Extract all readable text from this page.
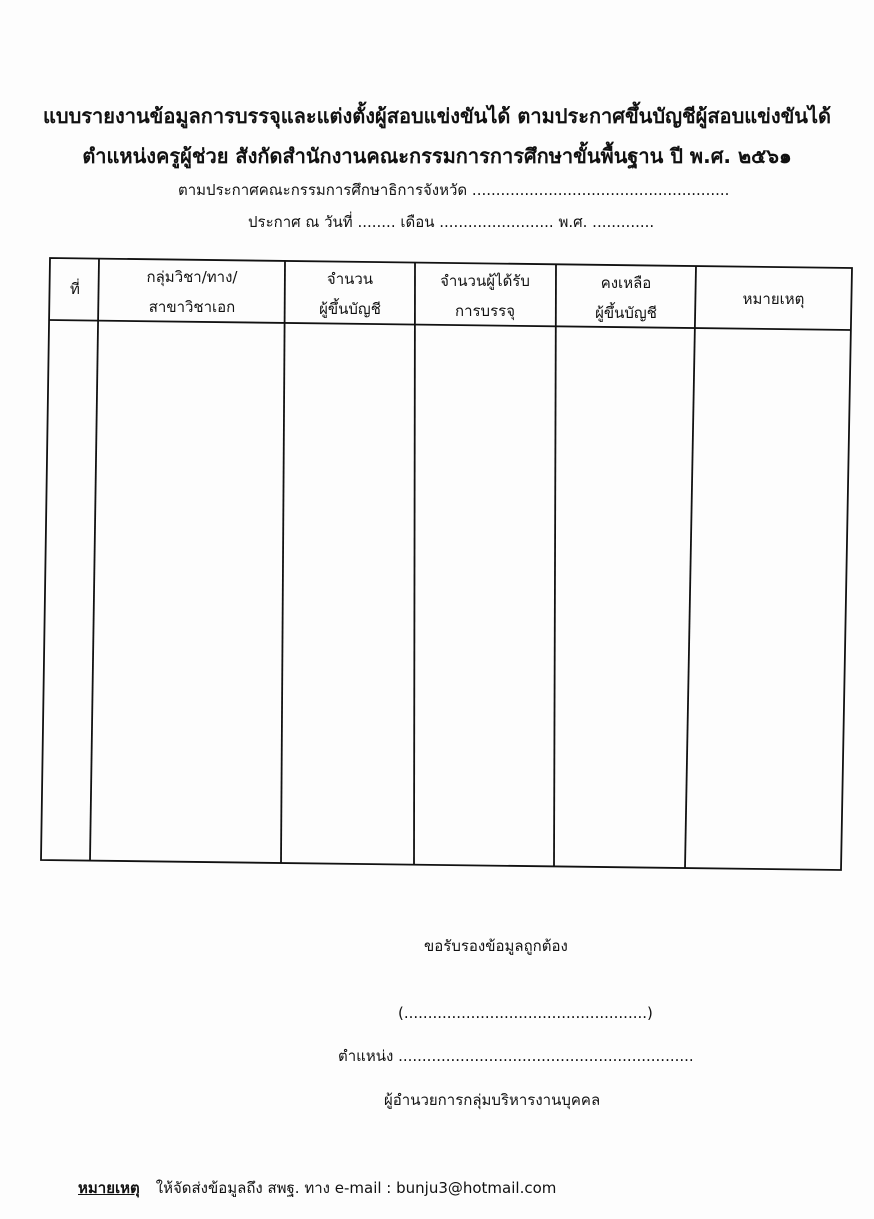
แบบรายงานข้อมูลการบรรจุและแต่งตั้งผู้สอบแข่งขันได้ ตามประกาศขึ้นบัญชีผู้สอบแข่งขันได้
ตำแหน่งครูผู้ช่วย สังกัดสำนักงานคณะกรรมการการศึกษาขั้นพื้นฐาน ปี พ.ศ. ๒๕๖๑
ตามประกาศคณะกรรมการศึกษาธิการจังหวัด ......................................................
ประกาศ ณ วันที่ ........ เดือน ........................ พ.ศ. .............
ที่
กลุ่มวิชา/ทาง/
สาขาวิชาเอก
จำนวน
ผู้ขึ้นบัญชี
จำนวนผู้ได้รับ
การบรรจุ
คงเหลือ
ผู้ขึ้นบัญชี
หมายเหตุ
ขอรับรองข้อมูลถูกต้อง
(...................................................)
ตำแหน่ง ..............................................................
ผู้อำนวยการกลุ่มบริหารงานบุคคล
หมายเหตุ ให้จัดส่งข้อมูลถึง สพฐ. ทาง e-mail : bunju3@hotmail.com
